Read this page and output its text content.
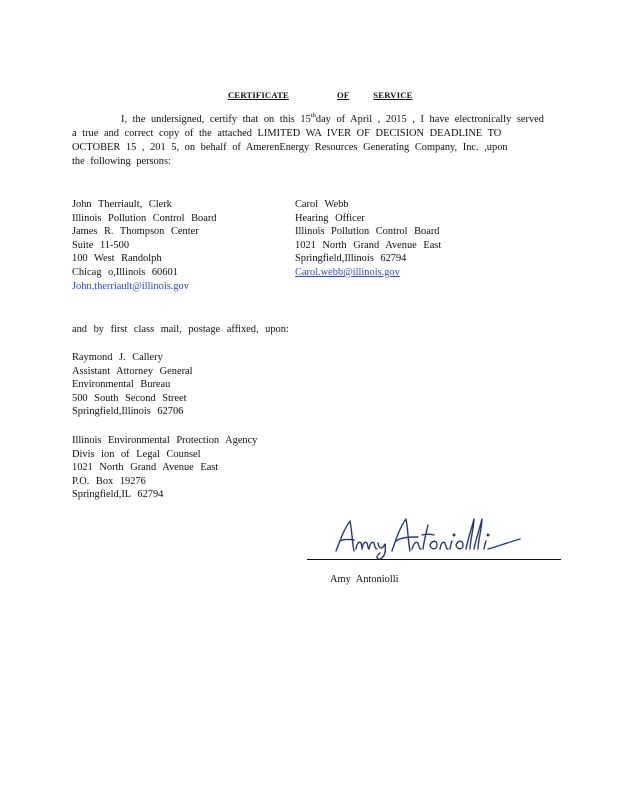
CERTIFICATE	OF	SERVICE
I, the undersigned, certify that on this 15thday of April , 2015 , I have electronically served
a true and correct copy of the attached LIMITED WA IVER OF DECISION DEADLINE TO
OCTOBER 15 , 201 5, on behalf of AmerenEnergy Resources Generating Company, Inc. ,upon
the following persons:
John Therriault, Clerk
Illinois Pollution Control Board
James R. Thompson Center
Suite 11-500
100 West Randolph
Chicag o,Illinois 60601
John.therriault@illinois.gov
Carol Webb
Hearing Officer
Illinois Pollution Control Board
1021 North Grand Avenue East
Springfield,Illinois 62794
Carol.webb@illinois.gov
and by first class mail, postage affixed, upon:
Raymond J. Callery
Assistant Attorney General
Environmental Bureau
500 South Second Street
Springfield,Illinois 62706
Illinois Environmental Protection Agency
Divis ion of Legal Counsel
1021 North Grand Avenue East
P.O. Box 19276
Springfield,IL 62794
Amy Antoniolli
